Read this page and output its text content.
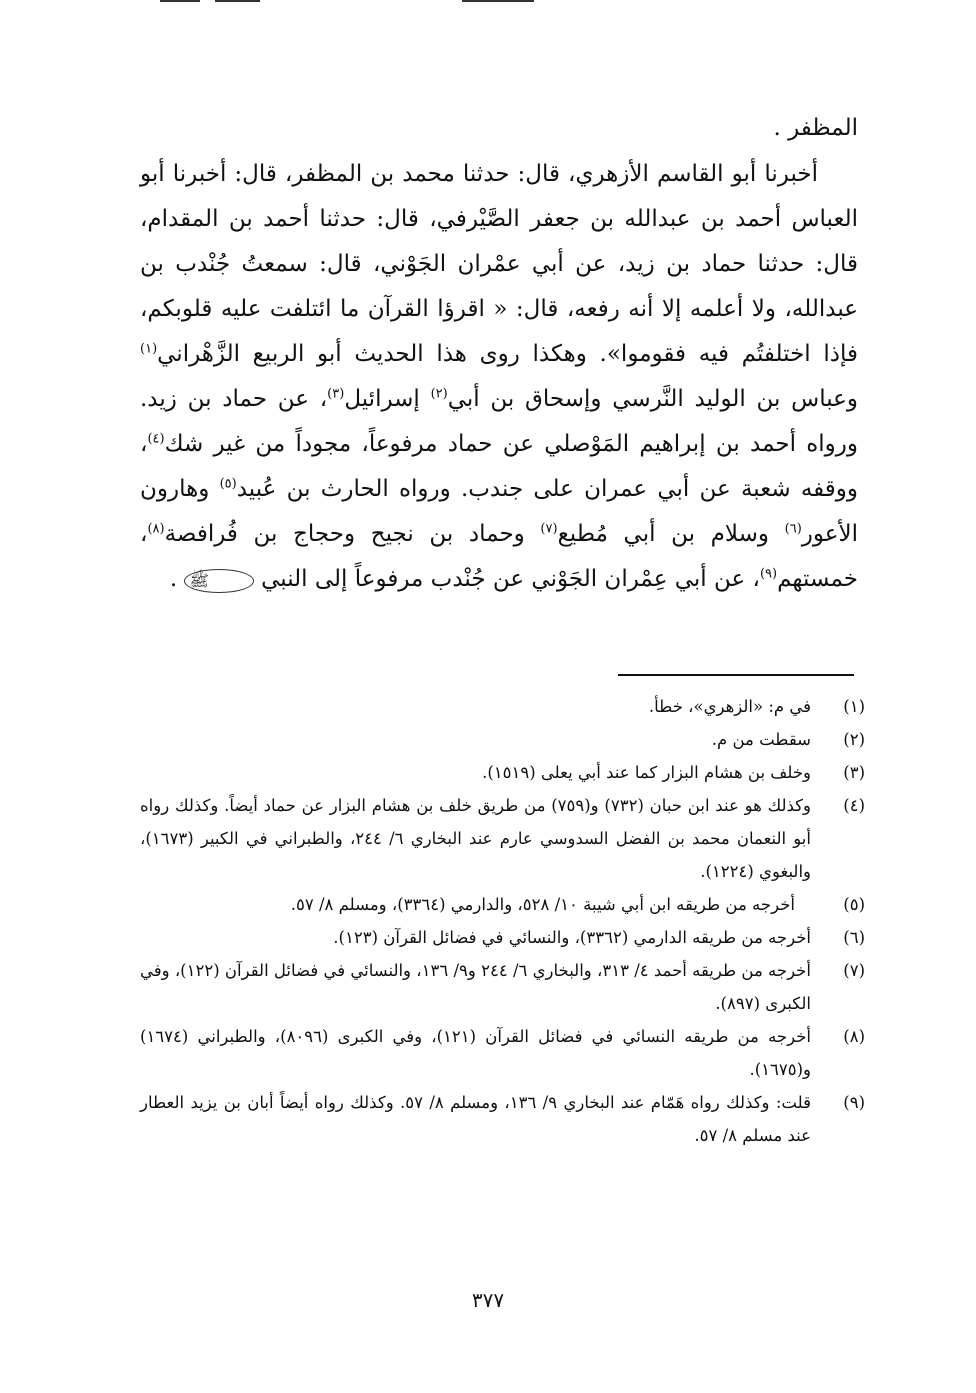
المظفر .

أخبرنا أبو القاسم الأزهري، قال: حدثنا محمد بن المظفر، قال: أخبرنا أبو العباس أحمد بن عبدالله بن جعفر الصَّيْرفي، قال: حدثنا أحمد بن المقدام، قال: حدثنا حماد بن زيد، عن أبي عمْران الجَوْني، قال: سمعتُ جُنْدب بن عبدالله، ولا أعلمه إلا أنه رفعه، قال: « اقرؤا القرآن ما ائتلفت عليه قلوبكم، فإذا اختلفتُم فيه فقوموا». وهكذا روى هذا الحديث أبو الربيع الزَّهْراني$^{(١)}$ وعباس بن الوليد النَّرسي وإسحاق بن أبي$^{(٢)}$ إسرائيل$^{(٣)}$، عن حماد بن زيد. ورواه أحمد بن إبراهيم المَوْصلي عن حماد مرفوعاً، مجوداً من غير شك$^{(٤)}$، ووقفه شعبة عن أبي عمران على جندب. ورواه الحارث بن عُبيد$^{(٥)}$ وهارون الأعور$^{(٦)}$ وسلام بن أبي مُطيع$^{(٧)}$ وحماد بن نجيح وحجاج بن فُرافصة$^{(٨)}$، خمستهم$^{(٩)}$، عن أبي عِمْران الجَوْني عن جُنْدب مرفوعاً إلى النبي ﷺ .

(١)
في م: «الزهري»، خطأ.

(٢)
سقطت من م.

(٣)
وخلف بن هشام البزار كما عند أبي يعلى (١٥١٩).

(٤)
وكذلك هو عند ابن حبان (٧٣٢) و(٧٥٩) من طريق خلف بن هشام البزار عن حماد أيضاً. وكذلك رواه أبو النعمان محمد بن الفضل السدوسي عارم عند البخاري ٦/ ٢٤٤، والطبراني في الكبير (١٦٧٣)، والبغوي (١٢٢٤).

(٥)
أخرجه من طريقه ابن أبي شيبة ١٠/ ٥٢٨، والدارمي (٣٣٦٤)، ومسلم ٨/ ٥٧.

(٦)
أخرجه من طريقه الدارمي (٣٣٦٢)، والنسائي في فضائل القرآن (١٢٣).

(٧)
أخرجه من طريقه أحمد ٤/ ٣١٣، والبخاري ٦/ ٢٤٤ و٩/ ١٣٦، والنسائي في فضائل القرآن (١٢٢)، وفي الكبرى (٨٩٧).

(٨)
أخرجه من طريقه النسائي في فضائل القرآن (١٢١)، وفي الكبرى (٨٠٩٦)، والطبراني (١٦٧٤) و(١٦٧٥).

(٩)
قلت: وكذلك رواه هَمّام عند البخاري ٩/ ١٣٦، ومسلم ٨/ ٥٧. وكذلك رواه أيضاً أبان بن يزيد العطار عند مسلم ٨/ ٥٧.

٣٧٧
